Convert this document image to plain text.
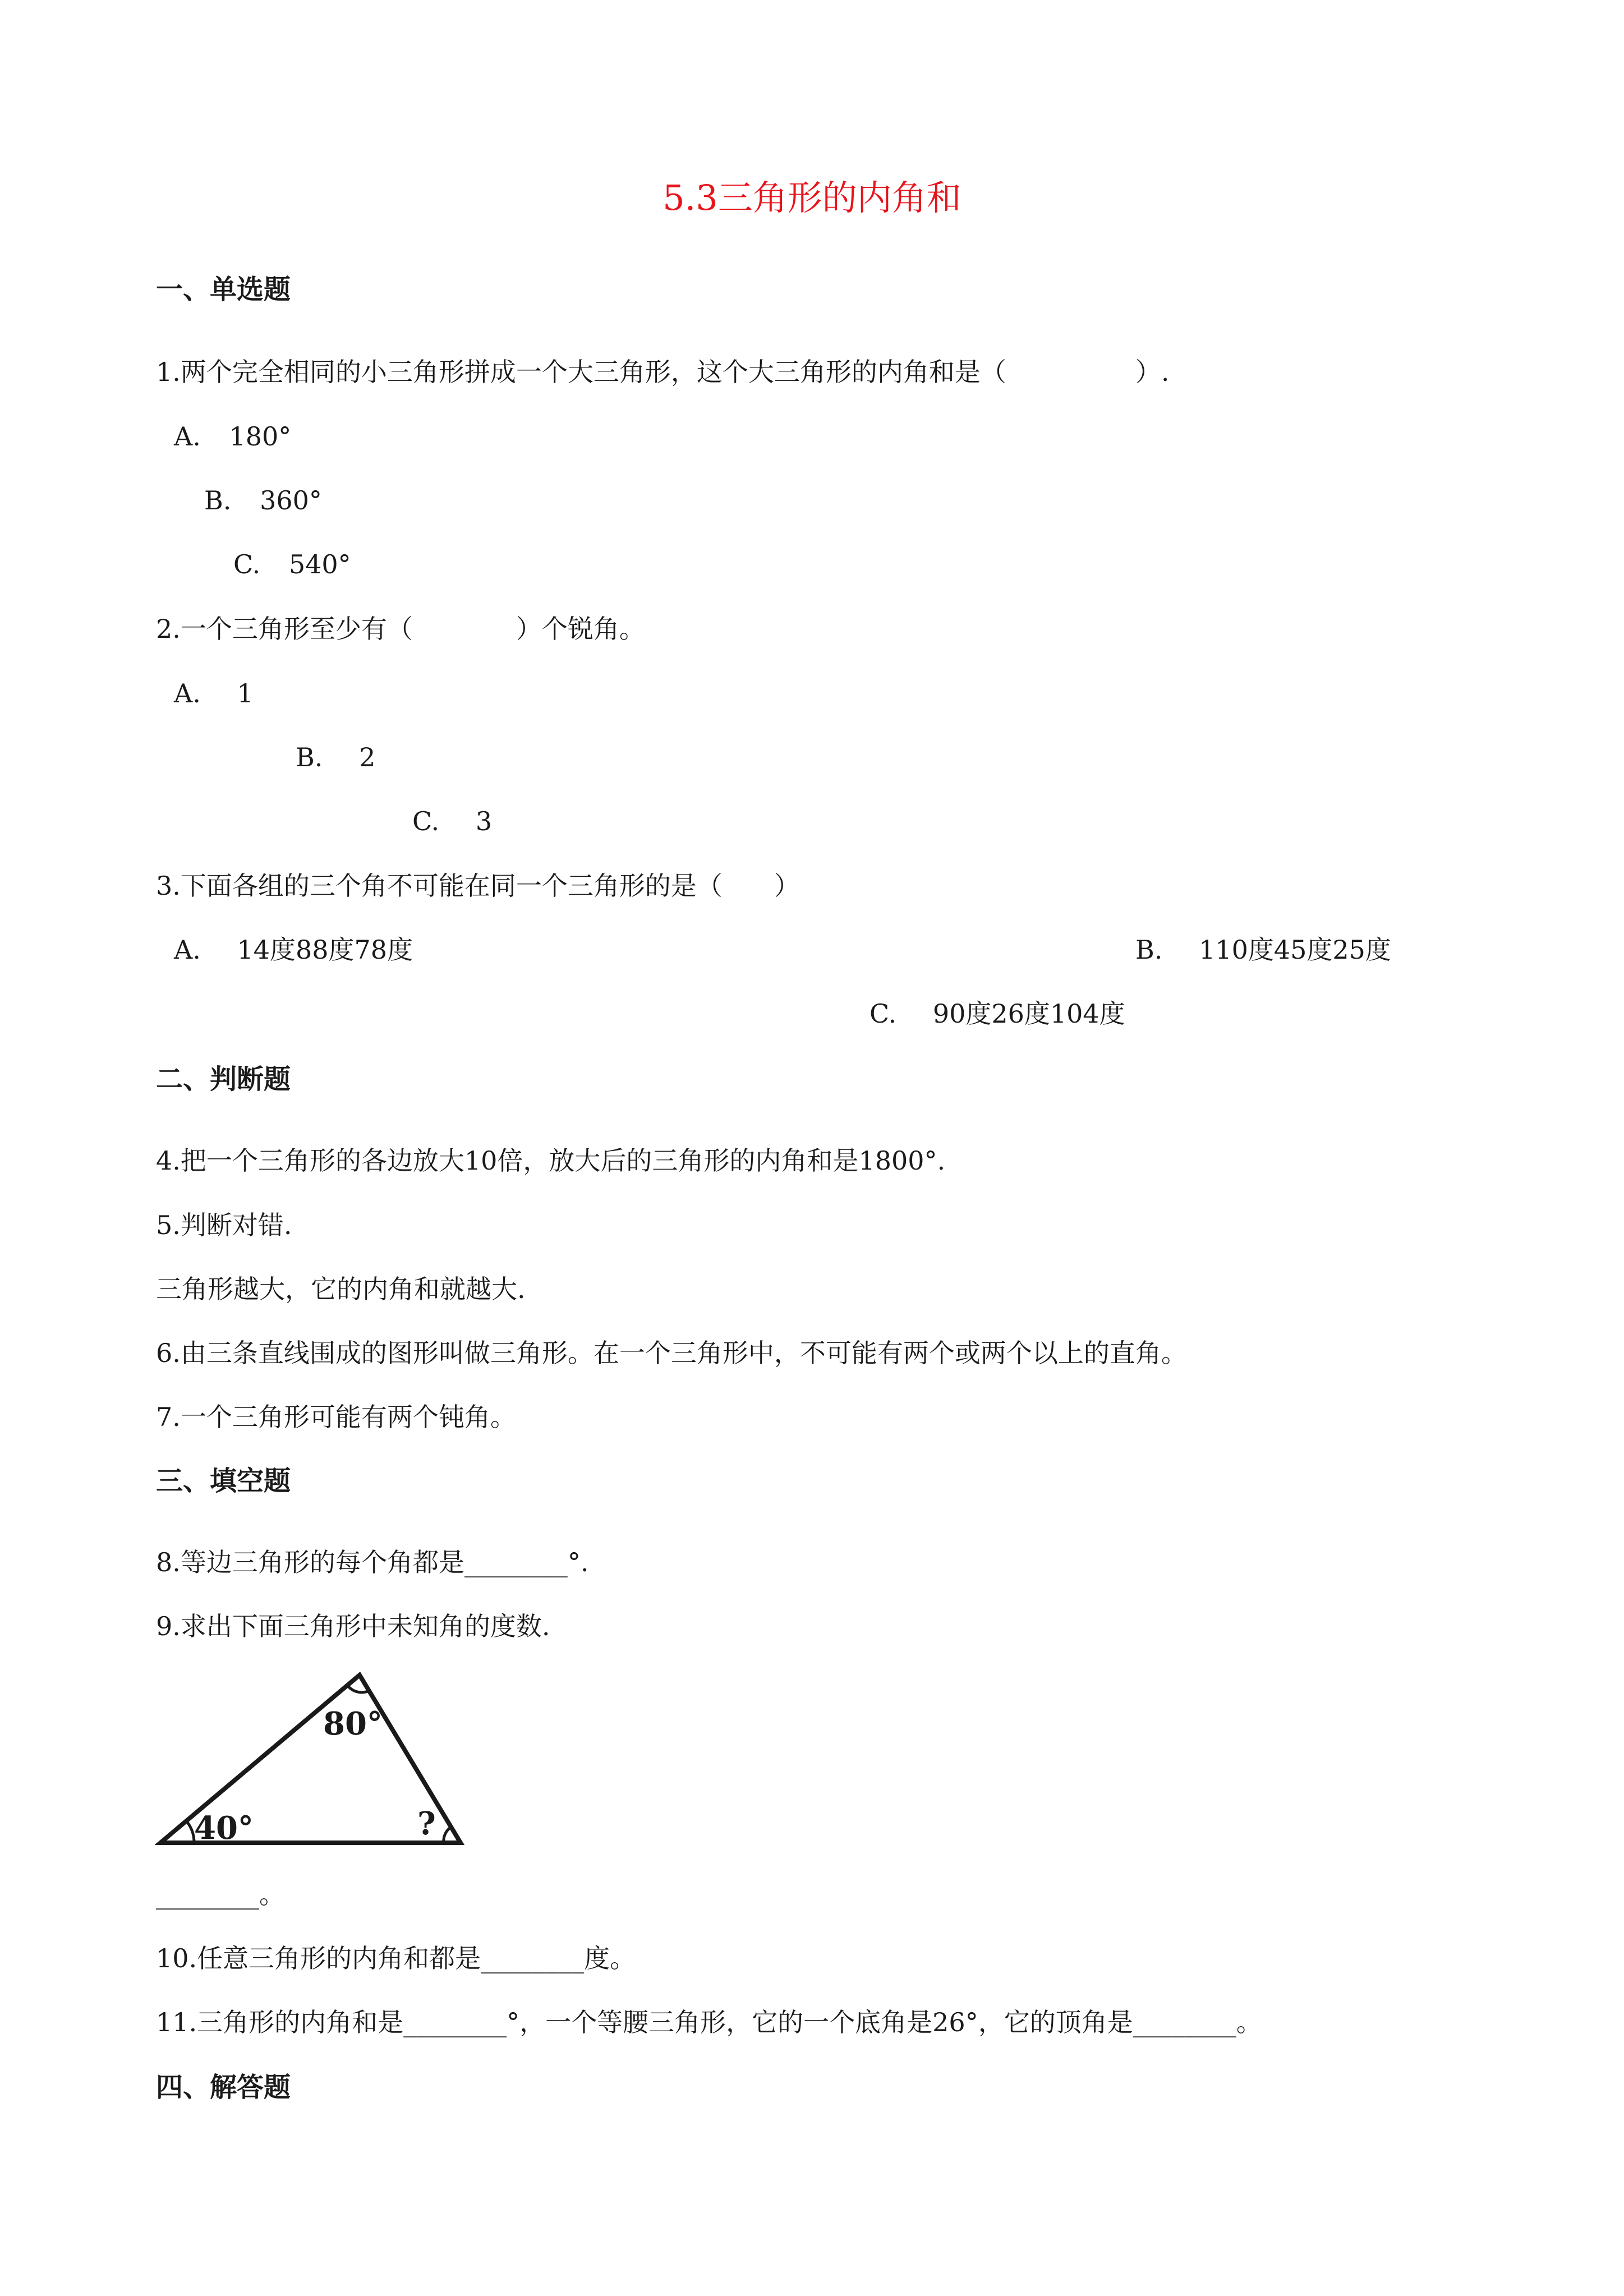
5.3三角形的内角和
一、单选题
1.两个完全相同的小三角形拼成一个大三角形，这个大三角形的内角和是（　　　　　）.
A. 180°
B. 360°
C. 540°
2.一个三角形至少有（　　　　）个锐角。
A. 1
B. 2
C. 3
3.下面各组的三个角不可能在同一个三角形的是（　　）
A. 14度88度78度	B. 110度45度25度
C. 90度26度104度
二、判断题
4.把一个三角形的各边放大10倍，放大后的三角形的内角和是1800°.
5.判断对错.
三角形越大，它的内角和就越大.
6.由三条直线围成的图形叫做三角形。在一个三角形中，不可能有两个或两个以上的直角。
7.一个三角形可能有两个钝角。
三、填空题
8.等边三角形的每个角都是________°.
9.求出下面三角形中未知角的度数.
80°
40°	?
________。
10.任意三角形的内角和都是________度。
11.三角形的内角和是________°，一个等腰三角形，它的一个底角是26°，它的顶角是________。
四、解答题
